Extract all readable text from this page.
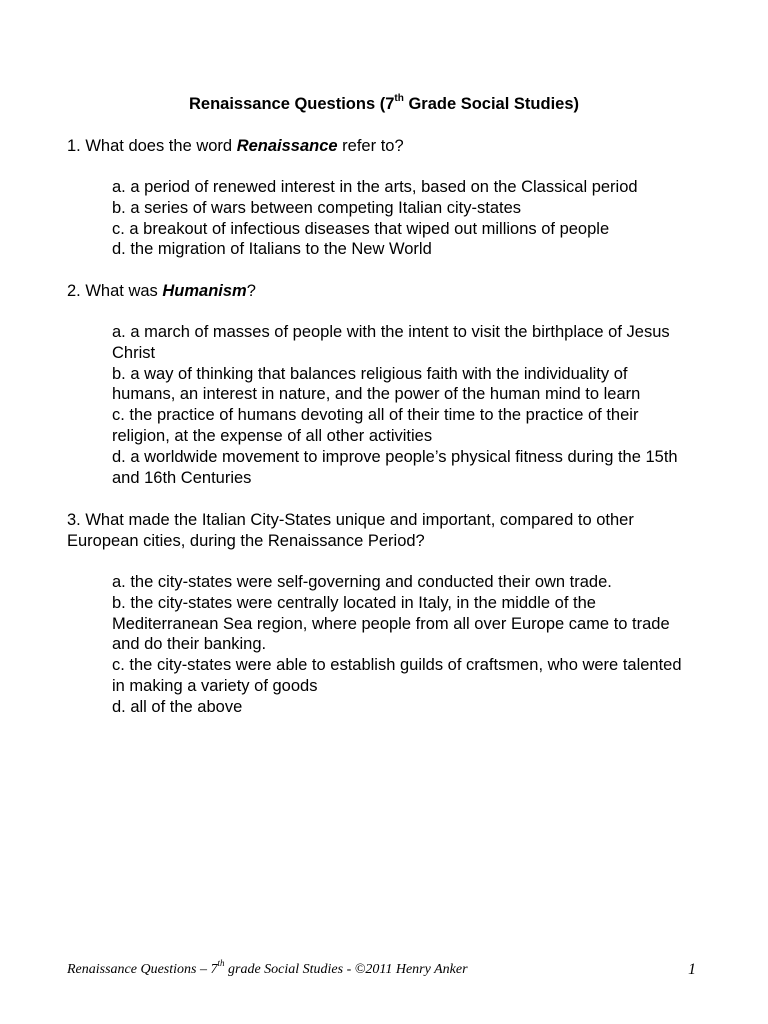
Renaissance Questions (7th Grade Social Studies)
1. What does the word Renaissance refer to?

a. a period of renewed interest in the arts, based on the Classical period

b. a series of wars between competing Italian city-states

c. a breakout of infectious diseases that wiped out millions of people

d. the migration of Italians to the New World

2. What was Humanism?

a. a march of masses of people with the intent to visit the birthplace of Jesus Christ

b. a way of thinking that balances religious faith with the individuality of humans, an interest in nature, and the power of the human mind to learn

c. the practice of humans devoting all of their time to the practice of their religion, at the expense of all other activities

d. a worldwide movement to improve people’s physical fitness during the 15th and 16th Centuries

3. What made the Italian City-States unique and important, compared to other European cities, during the Renaissance Period?

a. the city-states were self-governing and conducted their own trade.

b. the city-states were centrally located in Italy, in the middle of the Mediterranean Sea region, where people from all over Europe came to trade and do their banking.

c. the city-states were able to establish guilds of craftsmen, who were talented in making a variety of goods

d. all of the above

Renaissance Questions – 7th grade Social Studies - ©2011 Henry Anker	1
